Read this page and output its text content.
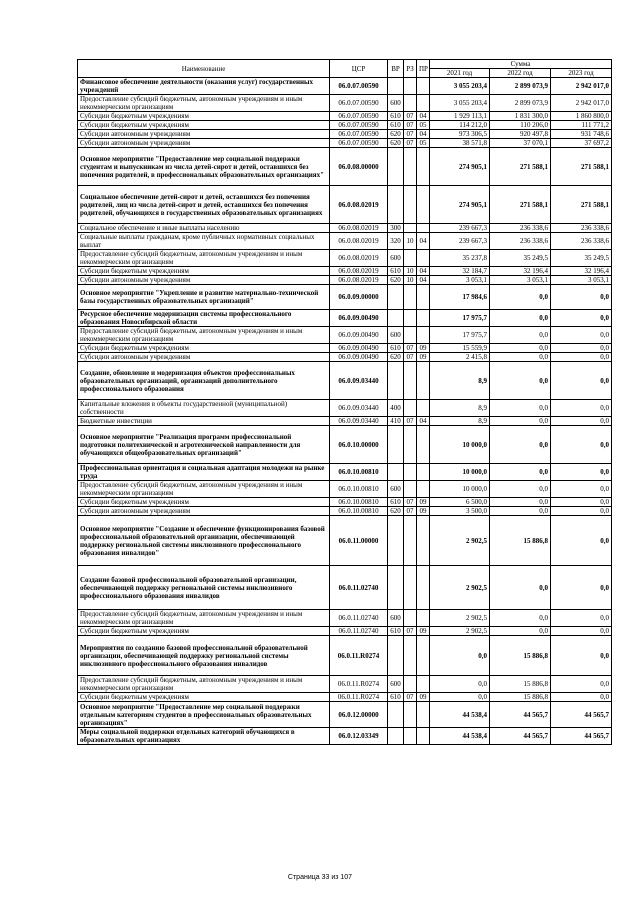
Наименование	ЦСР	ВР	РЗ	ПР	Сумма		
					2021 год	2022 год	2023 год
Финансовое обеспечение деятельности (оказания услуг) государственных учреждений	06.0.07.00590				3 055 203,4	2 899 073,9	2 942 017,0
Предоставление субсидий бюджетным, автономным учреждениям и иным некоммерческим организациям	06.0.07.00590	600			3 055 203,4	2 899 073,9	2 942 017,0
Субсидии бюджетным учреждениям	06.0.07.00590	610	07	04	1 929 113,1	1 831 300,0	1 860 800,0
Субсидии бюджетным учреждениям	06.0.07.00590	610	07	05	114 212,0	110 206,0	111 771,2
Субсидии автономным учреждениям	06.0.07.00590	620	07	04	973 306,5	920 497,8	931 748,6
Субсидии автономным учреждениям	06.0.07.00590	620	07	05	38 571,8	37 070,1	37 697,2
Основное мероприятие "Предоставление мер социальной поддержки студентам и выпускникам из числа детей-сирот и детей, оставшихся без попечения родителей, в профессиональных образовательных организациях"	06.0.08.00000				274 905,1	271 588,1	271 588,1
Социальное обеспечение детей-сирот и детей, оставшихся без попечения родителей, лиц из числа детей-сирот и детей, оставшихся без попечения родителей, обучающихся в государственных образовательных организациях	06.0.08.02019				274 905,1	271 588,1	271 588,1
Социальное обеспечение и иные выплаты населению	06.0.08.02019	300			239 667,3	236 338,6	236 338,6
Социальные выплаты гражданам, кроме публичных нормативных социальных выплат	06.0.08.02019	320	10	04	239 667,3	236 338,6	236 338,6
Предоставление субсидий бюджетным, автономным учреждениям и иным некоммерческим организациям	06.0.08.02019	600			35 237,8	35 249,5	35 249,5
Субсидии бюджетным учреждениям	06.0.08.02019	610	10	04	32 184,7	32 196,4	32 196,4
Субсидии автономным учреждениям	06.0.08.02019	620	10	04	3 053,1	3 053,1	3 053,1
Основное мероприятие "Укрепление и развитие материально-технической базы государственных образовательных организаций"	06.0.09.00000				17 984,6	0,0	0,0
Ресурсное обеспечение модернизации системы профессионального образования Новосибирской области	06.0.09.00490				17 975,7	0,0	0,0
Предоставление субсидий бюджетным, автономным учреждениям и иным некоммерческим организациям	06.0.09.00490	600			17 975,7	0,0	0,0
Субсидии бюджетным учреждениям	06.0.09.00490	610	07	09	15 559,9	0,0	0,0
Субсидии автономным учреждениям	06.0.09.00490	620	07	09	2 415,8	0,0	0,0
Создание, обновление и модернизация объектов профессиональных образовательных организаций, организаций дополнительного профессионального образования	06.0.09.03440				8,9	0,0	0,0
Капитальные вложения в объекты государственной (муниципальной) собственности	06.0.09.03440	400			8,9	0,0	0,0
Бюджетные инвестиции	06.0.09.03440	410	07	04	8,9	0,0	0,0
Основное мероприятие "Реализация программ профессиональной подготовки политехнической и агротехнической направленности для обучающихся общеобразовательных организаций"	06.0.10.00000				10 000,0	0,0	0,0
Профессиональная ориентация и социальная адаптация молодежи на рынке труда	06.0.10.00810				10 000,0	0,0	0,0
Предоставление субсидий бюджетным, автономным учреждениям и иным некоммерческим организациям	06.0.10.00810	600			10 000,0	0,0	0,0
Субсидии бюджетным учреждениям	06.0.10.00810	610	07	09	6 500,0	0,0	0,0
Субсидии автономным учреждениям	06.0.10.00810	620	07	09	3 500,0	0,0	0,0
Основное мероприятие "Создание и обеспечение функционирования базовой профессиональной образовательной организации, обеспечивающей поддержку региональной системы инклюзивного профессионального образования инвалидов"	06.0.11.00000				2 902,5	15 886,8	0,0
Создание базовой профессиональной образовательной организации, обеспечивающей поддержку региональной системы инклюзивного профессионального образования инвалидов	06.0.11.02740				2 902,5	0,0	0,0
Предоставление субсидий бюджетным, автономным учреждениям и иным некоммерческим организациям	06.0.11.02740	600			2 902,5	0,0	0,0
Субсидии бюджетным учреждениям	06.0.11.02740	610	07	09	2 902,5	0,0	0,0
Мероприятия по созданию базовой профессиональной образовательной организации, обеспечивающей поддержку региональной системы инклюзивного профессионального образования инвалидов	06.0.11.R0274				0,0	15 886,8	0,0
Предоставление субсидий бюджетным, автономным учреждениям и иным некоммерческим организациям	06.0.11.R0274	600			0,0	15 886,8	0,0
Субсидии бюджетным учреждениям	06.0.11.R0274	610	07	09	0,0	15 886,8	0,0
Основное мероприятие "Предоставление мер социальной поддержки отдельным категориям студентов в профессиональных образовательных организациях"	06.0.12.00000				44 538,4	44 565,7	44 565,7
Меры социальной поддержки отдельных категорий обучающихся в образовательных организациях	06.0.12.03349				44 538,4	44 565,7	44 565,7
Страница 33 из 107
